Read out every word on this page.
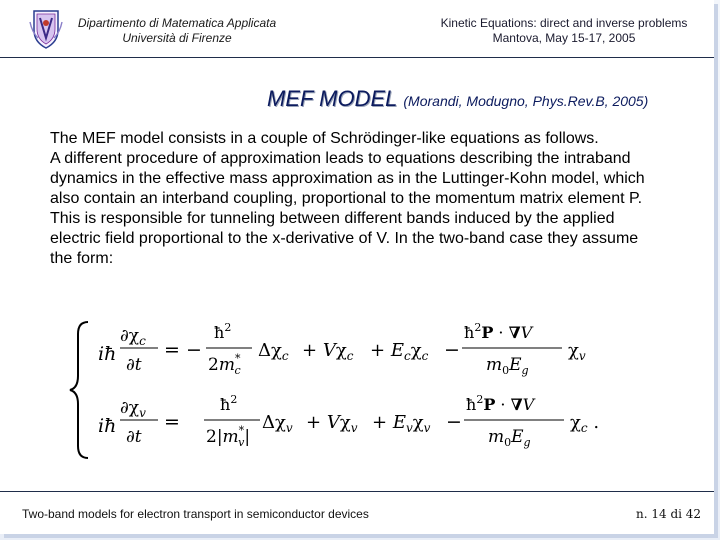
Dipartimento di Matematica Applicata
Università di Firenze
Kinetic Equations: direct and inverse problems
Mantova, May 15-17, 2005
MEF MODEL (Morandi, Modugno, Phys.Rev.B, 2005)

The MEF model consists in a couple of Schrödinger-like equations as follows.

A different procedure of approximation leads to equations describing the intraband dynamics in the effective mass approximation as in the Luttinger-Kohn model, which also contain an interband coupling, proportional to the momentum matrix element P. This is responsible for tunneling between different bands induced by the applied electric field proportional to the x-derivative of V. In the two-band case they assume the form:

iħ
$\partial\chi_c$
∂t
= −
$ħ^2$
2m* c
$\Delta\chi_c + V\chi_c + E_c\chi_c$ −
$ħ^2P \cdot \nabla V$
$m_0E_g$
$\chi_v$
iħ
$\partial\chi_v$
∂t
=
$ħ^2$
2|m* v|
$\Delta\chi_v + V\chi_v + E_v\chi_v$ −
$ħ^2P \cdot \nabla V$
$m_0E_g$
$\chi_c$ .
Two-band models for electron transport in semiconductor devices	n. 14 di 42
